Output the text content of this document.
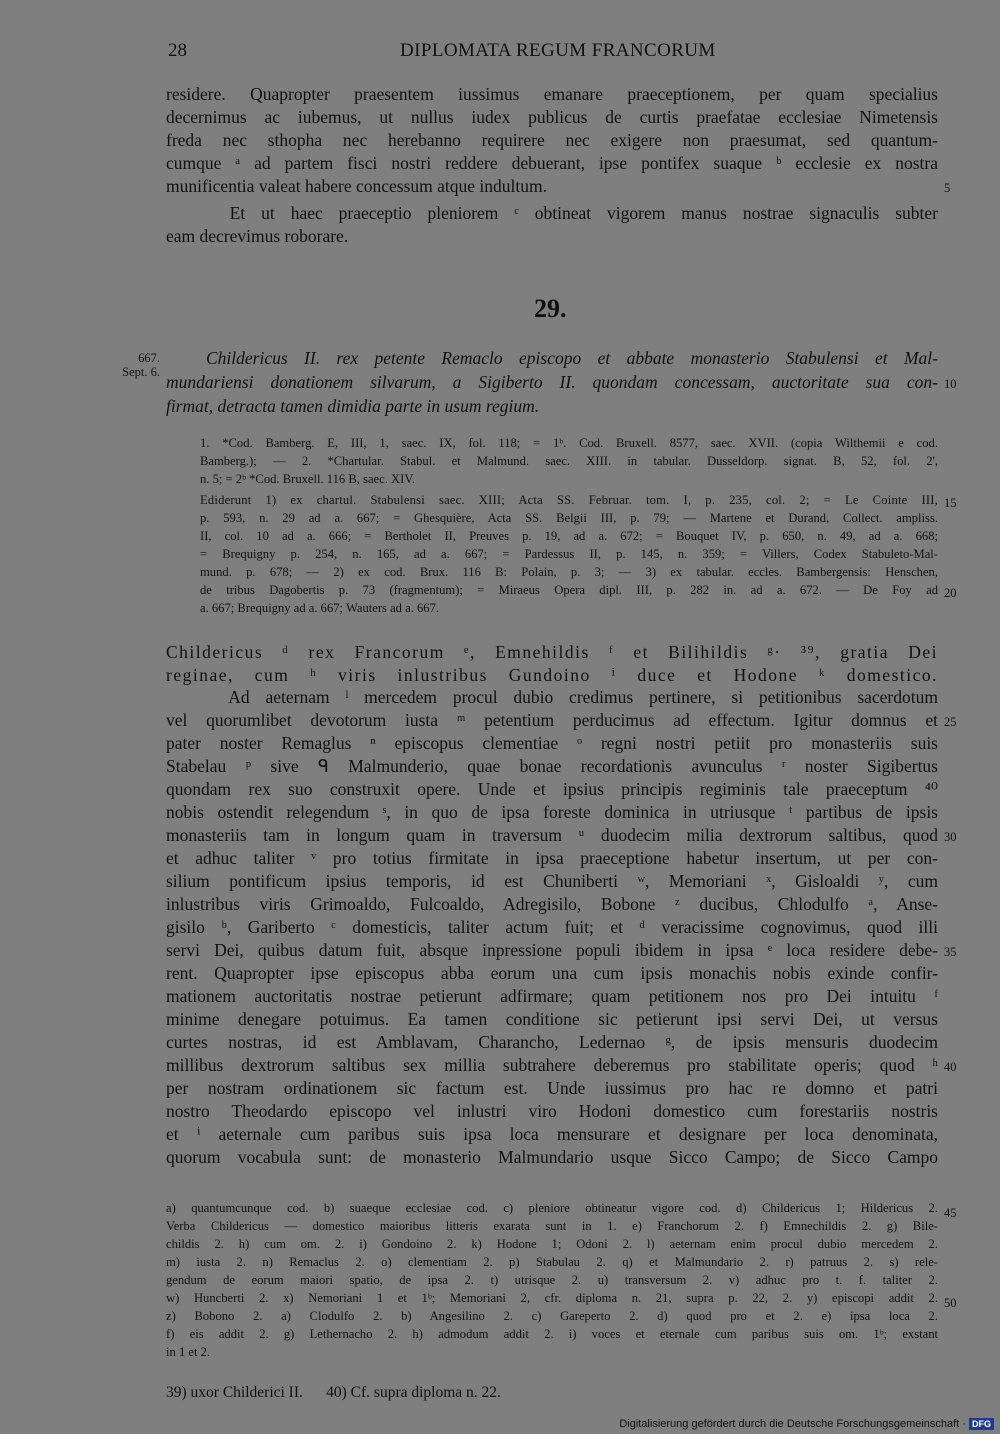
28	DIPLOMATA REGUM FRANCORUM
residere. Quapropter praesentem iussimus emanare praeceptionem, per quam specialius
decernimus ac iubemus, ut nullus iudex publicus de curtis praefatae ecclesiae Nimetensis
freda nec sthopha nec herebanno requirere nec exigere non praesumat, sed quantum-
cumque ᵃ ad partem fisci nostri reddere debuerant, ipse pontifex suaque ᵇ ecclesie ex nostra
munificentia valeat habere concessum atque indultum.
Et ut haec praeceptio pleniorem ᶜ obtineat vigorem manus nostrae signaculis subter
eam decrevimus roborare.
5
29.
667.
Sept. 6.
Childericus II. rex petente Remaclo episcopo et abbate monasterio Stabulensi et Mal-
mundariensi donationem silvarum, a Sigiberto II. quondam concessam, auctoritate sua con-
firmat, detracta tamen dimidia parte in usum regium.
10
1. *Cod. Bamberg. E, III, 1, saec. IX, fol. 118; = 1ᵇ. Cod. Bruxell. 8577, saec. XVII. (copia Wilthemii e cod.
Bamberg.); — 2. *Chartular. Stabul. et Malmund. saec. XIII. in tabular. Dusseldorp. signat. B, 52, fol. 2',
n. 5; = 2ᵇ *Cod. Bruxell. 116 B, saec. XIV.
Ediderunt 1) ex chartul. Stabulensi saec. XIII; Acta SS. Februar. tom. I, p. 235, col. 2; = Le Cointe III,
p. 593, n. 29 ad a. 667; = Ghesquière, Acta SS. Belgii III, p. 79; — Martene et Durand, Collect. ampliss.
II, col. 10 ad a. 666; = Bertholet II, Preuves p. 19, ad a. 672; = Bouquet IV, p. 650, n. 49, ad a. 668;
= Brequigny p. 254, n. 165, ad a. 667; = Pardessus II, p. 145, n. 359; = Villers, Codex Stabuleto-Mal-
mund. p. 678; — 2) ex cod. Brux. 116 B: Polain, p. 3; — 3) ex tabular. eccles. Bambergensis: Henschen,
de tribus Dagobertis p. 73 (fragmentum); = Miraeus Opera dipl. III, p. 282 in. ad a. 672. — De Foy ad
a. 667; Brequigny ad a. 667; Wauters ad a. 667.
15
20
Childericus ᵈ rex Francorum ᵉ, Emnehildis ᶠ et Bilihildis ᵍ· ³⁹, gratia Dei
reginae, cum ʰ viris inlustribus Gundoino ⁱ duce et Hodone ᵏ domestico.
Ad aeternam ˡ mercedem procul dubio credimus pertinere, si petitionibus sacerdotum
vel quorumlibet devotorum iusta ᵐ petentium perducimus ad effectum. Igitur domnus et
pater noster Remaglus ⁿ episcopus clementiae ᵒ regni nostri petiit pro monasteriis suis
Stabelau ᵖ sive ᑫ Malmunderio, quae bonae recordationis avunculus ʳ noster Sigibertus
quondam rex suo construxit opere. Unde et ipsius principis regiminis tale praeceptum ⁴⁰
nobis ostendit relegendum ˢ, in quo de ipsa foreste dominica in utriusque ᵗ partibus de ipsis
monasteriis tam in longum quam in traversum ᵘ duodecim milia dextrorum saltibus, quod
et adhuc taliter ᵛ pro totius firmitate in ipsa praeceptione habetur insertum, ut per con-
silium pontificum ipsius temporis, id est Chuniberti ʷ, Memoriani ˣ, Gisloaldi ʸ, cum
inlustribus viris Grimoaldo, Fulcoaldo, Adregisilo, Bobone ᶻ ducibus, Chlodulfo ᵃ, Anse-
gisilo ᵇ, Gariberto ᶜ domesticis, taliter actum fuit; et ᵈ veracissime cognovimus, quod illi
servi Dei, quibus datum fuit, absque inpressione populi ibidem in ipsa ᵉ loca residere debe-
rent. Quapropter ipse episcopus abba eorum una cum ipsis monachis nobis exinde confir-
mationem auctoritatis nostrae petierunt adfirmare; quam petitionem nos pro Dei intuitu ᶠ
minime denegare potuimus. Ea tamen conditione sic petierunt ipsi servi Dei, ut versus
curtes nostras, id est Amblavam, Charancho, Ledernao ᵍ, de ipsis mensuris duodecim
millibus dextrorum saltibus sex millia subtrahere deberemus pro stabilitate operis; quod ʰ
per nostram ordinationem sic factum est. Unde iussimus pro hac re domno et patri
nostro Theodardo episcopo vel inlustri viro Hodoni domestico cum forestariis nostris
et ⁱ aeternale cum paribus suis ipsa loca mensurare et designare per loca denominata,
quorum vocabula sunt: de monasterio Malmundario usque Sicco Campo; de Sicco Campo
25
30
35
40
a) quantumcunque cod. b) suaeque ecclesiae cod. c) pleniore obtineatur vigore cod. d) Childericus 1; Hildericus 2.
Verba Childericus — domestico maioribus litteris exarata sunt in 1. e) Franchorum 2. f) Emnechildis 2. g) Bile-
childis 2. h) cum om. 2. i) Gondoino 2. k) Hodone 1; Odoni 2. l) aeternam enim procul dubio mercedem 2.
m) iusta 2. n) Remaclus 2. o) clementiam 2. p) Stabulau 2. q) et Malmundario 2. r) patruus 2. s) rele-
gendum de eorum maiori spatio, de ipsa 2. t) utrisque 2. u) transversum 2. v) adhuc pro t. f. taliter 2.
w) Huncberti 2. x) Nemoriani 1 et 1ᵇ; Memoriani 2, cfr. diploma n. 21, supra p. 22, 2. y) episcopi addit 2.
z) Bobono 2. a) Clodulfo 2. b) Angesilino 2. c) Gareperto 2. d) quod pro et 2. e) ipsa loca 2.
f) eis addit 2. g) Lethernacho 2. h) admodum addit 2. i) voces et eternale cum paribus suis om. 1ᵇ; exstant
in 1 et 2.
45
50
39) uxor Childerici II.      40) Cf. supra diploma n. 22.
Digitalisierung gefördert durch die Deutsche Forschungsgemeinschaft · DFG
